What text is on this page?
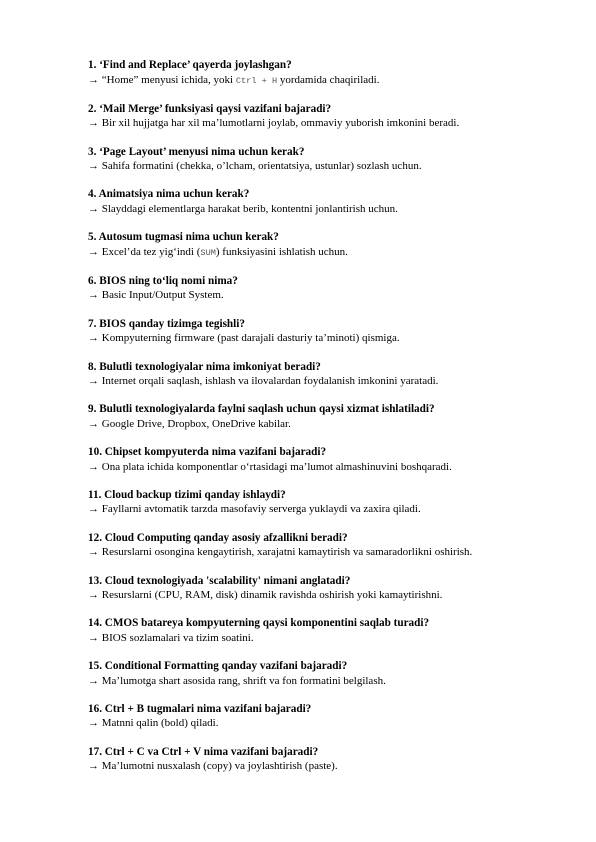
1. ‘Find and Replace’ qayerda joylashgan?
→ “Home” menyusi ichida, yoki Ctrl + H yordamida chaqiriladi.
2. ‘Mail Merge’ funksiyasi qaysi vazifani bajaradi?
→ Bir xil hujjatga har xil ma’lumotlarni joylab, ommaviy yuborish imkonini beradi.
3. ‘Page Layout’ menyusi nima uchun kerak?
→ Sahifa formatini (chekka, o’lcham, orientatsiya, ustunlar) sozlash uchun.
4. Animatsiya nima uchun kerak?
→ Slayddagi elementlarga harakat berib, kontentni jonlantirish uchun.
5. Autosum tugmasi nima uchun kerak?
→ Excel’da tez yig‘indi (SUM) funksiyasini ishlatish uchun.
6. BIOS ning to‘liq nomi nima?
→ Basic Input/Output System.
7. BIOS qanday tizimga tegishli?
→ Kompyuterning firmware (past darajali dasturiy ta’minoti) qismiga.
8. Bulutli texnologiyalar nima imkoniyat beradi?
→ Internet orqali saqlash, ishlash va ilovalardan foydalanish imkonini yaratadi.
9. Bulutli texnologiyalarda faylni saqlash uchun qaysi xizmat ishlatiladi?
→ Google Drive, Dropbox, OneDrive kabilar.
10. Chipset kompyuterda nima vazifani bajaradi?
→ Ona plata ichida komponentlar o‘rtasidagi ma’lumot almashinuvini boshqaradi.
11. Cloud backup tizimi qanday ishlaydi?
→ Fayllarni avtomatik tarzda masofaviy serverga yuklaydi va zaxira qiladi.
12. Cloud Computing qanday asosiy afzallikni beradi?
→ Resurslarni osongina kengaytirish, xarajatni kamaytirish va samaradorlikni oshirish.
13. Cloud texnologiyada 'scalability' nimani anglatadi?
→ Resurslarni (CPU, RAM, disk) dinamik ravishda oshirish yoki kamaytirishni.
14. CMOS batareya kompyuterning qaysi komponentini saqlab turadi?
→ BIOS sozlamalari va tizim soatini.
15. Conditional Formatting qanday vazifani bajaradi?
→ Ma’lumotga shart asosida rang, shrift va fon formatini belgilash.
16. Ctrl + B tugmalari nima vazifani bajaradi?
→ Matnni qalin (bold) qiladi.
17. Ctrl + C va Ctrl + V nima vazifani bajaradi?
→ Ma’lumotni nusxalash (copy) va joylashtirish (paste).
